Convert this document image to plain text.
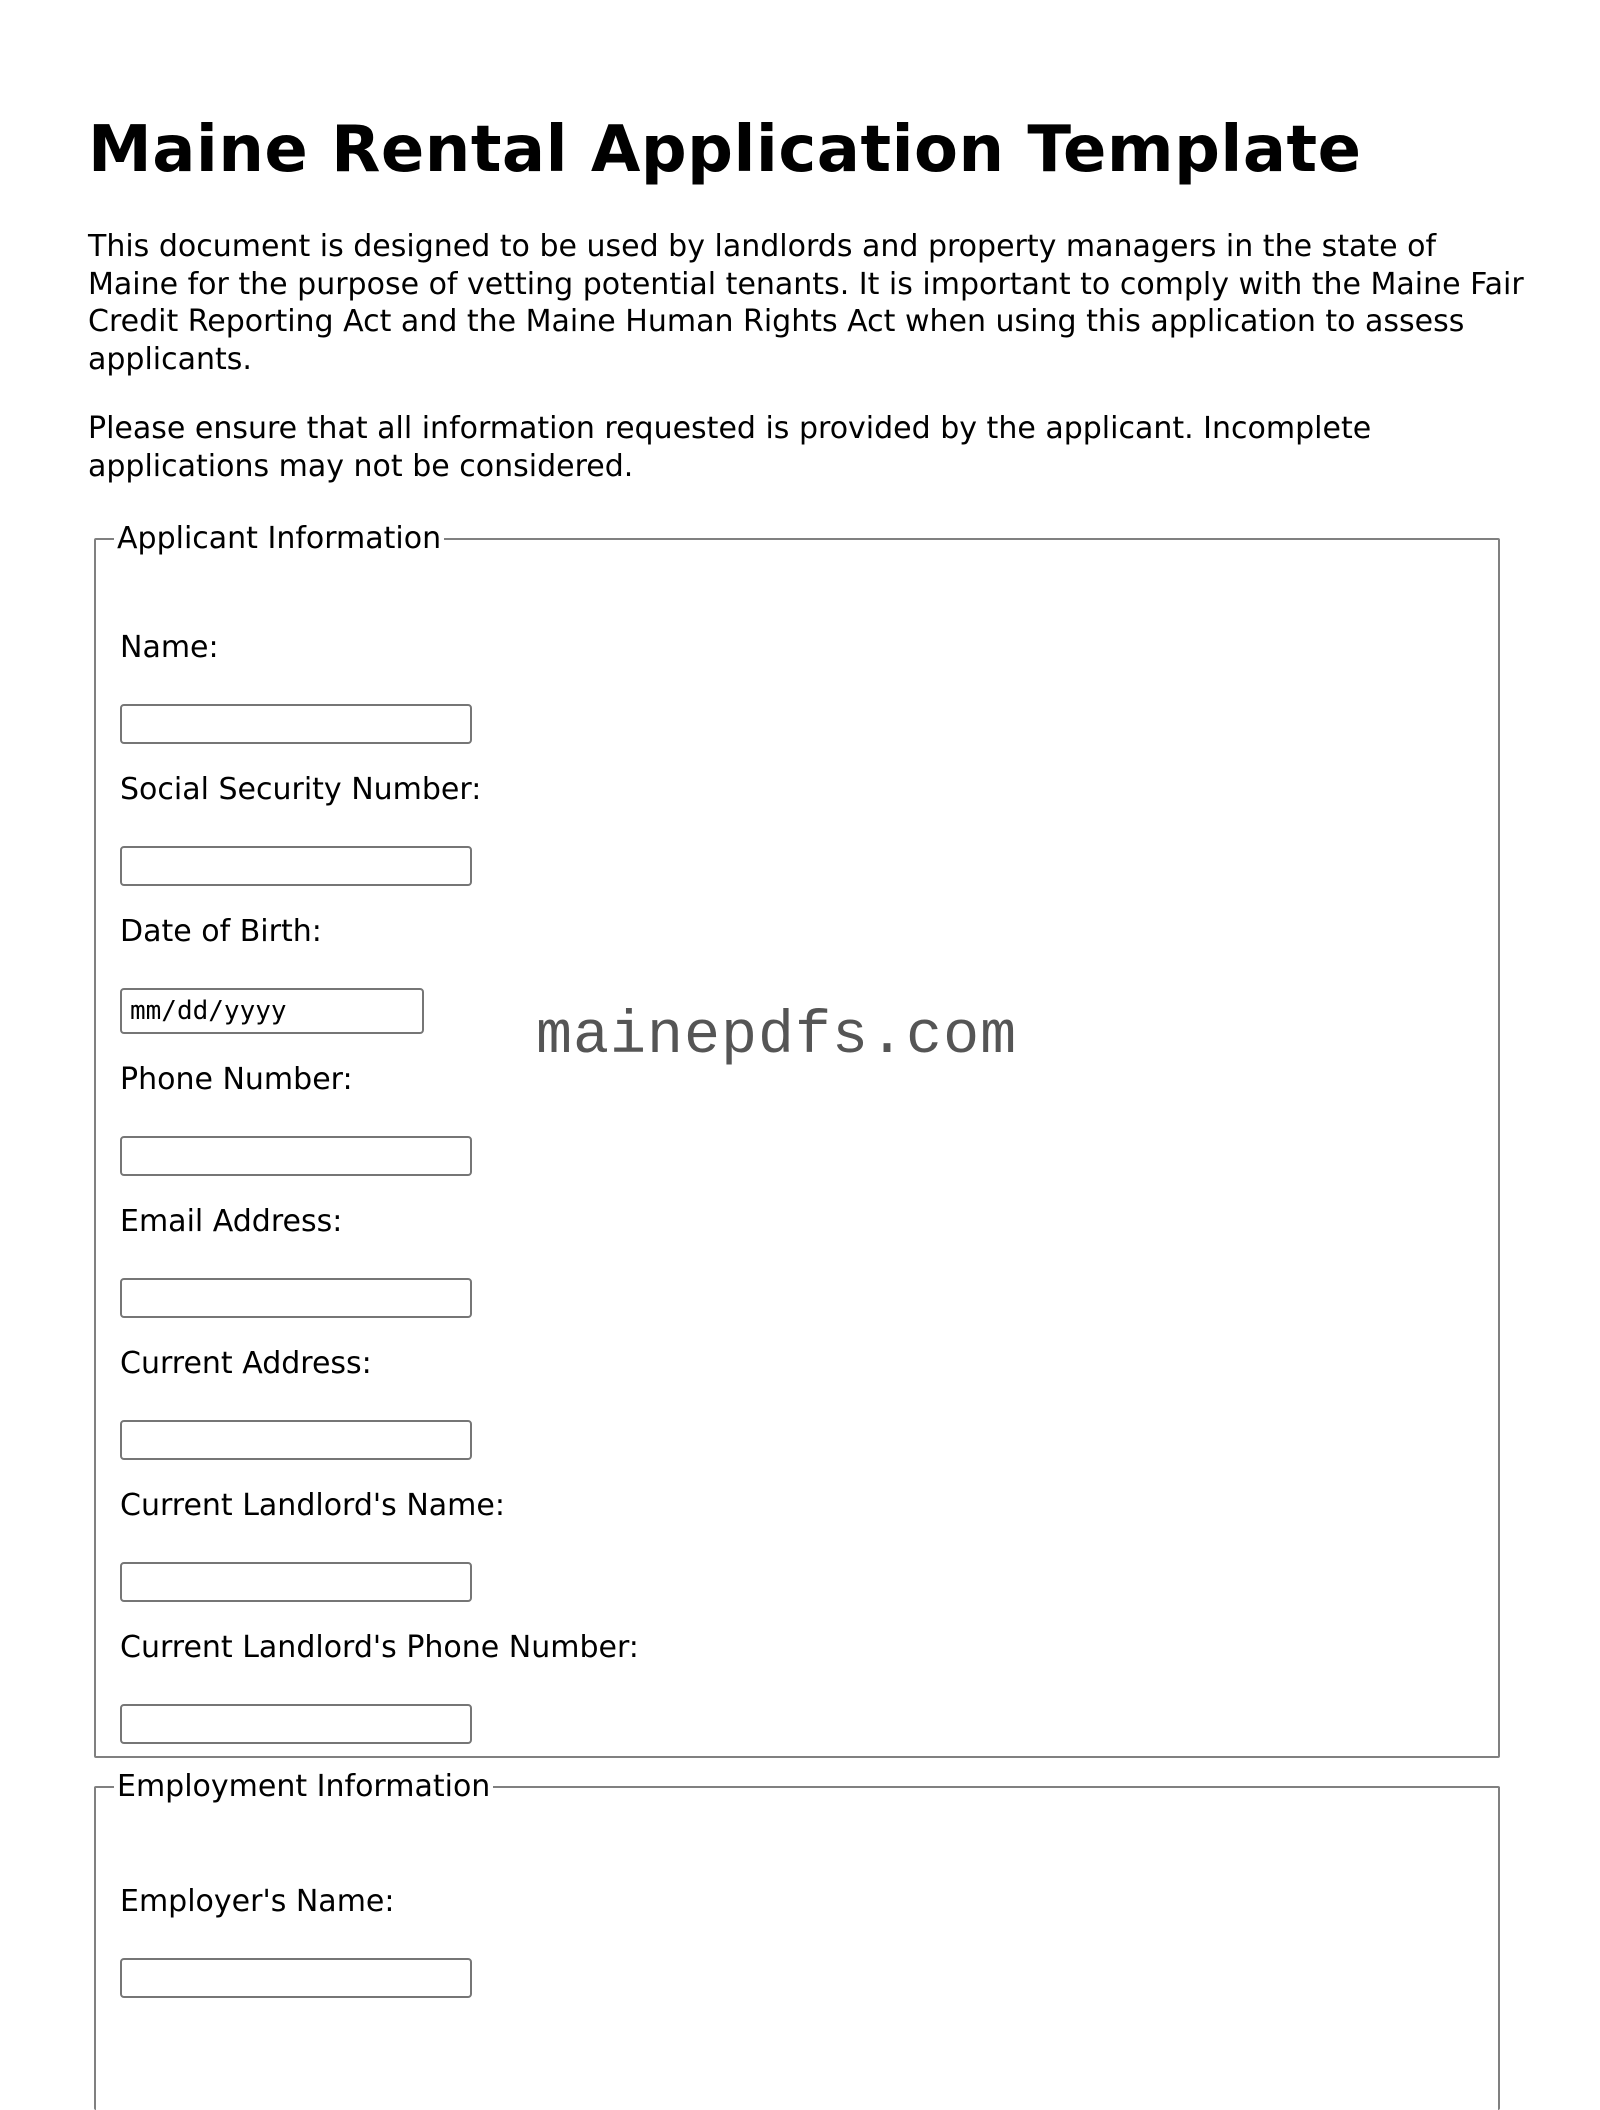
Maine Rental Application Template

This document is designed to be used by landlords and property managers in the state of Maine for the purpose of vetting potential tenants. It is important to comply with the Maine Fair Credit Reporting Act and the Maine Human Rights Act when using this application to assess applicants.

Please ensure that all information requested is provided by the applicant. Incomplete applications may not be considered.

Applicant Information
Name:
Social Security Number:
Date of Birth:
mm/dd/yyyy
Phone Number:
Email Address:
Current Address:
Current Landlord's Name:
Current Landlord's Phone Number:
Employment Information
Employer's Name:
mainepdfs.com
